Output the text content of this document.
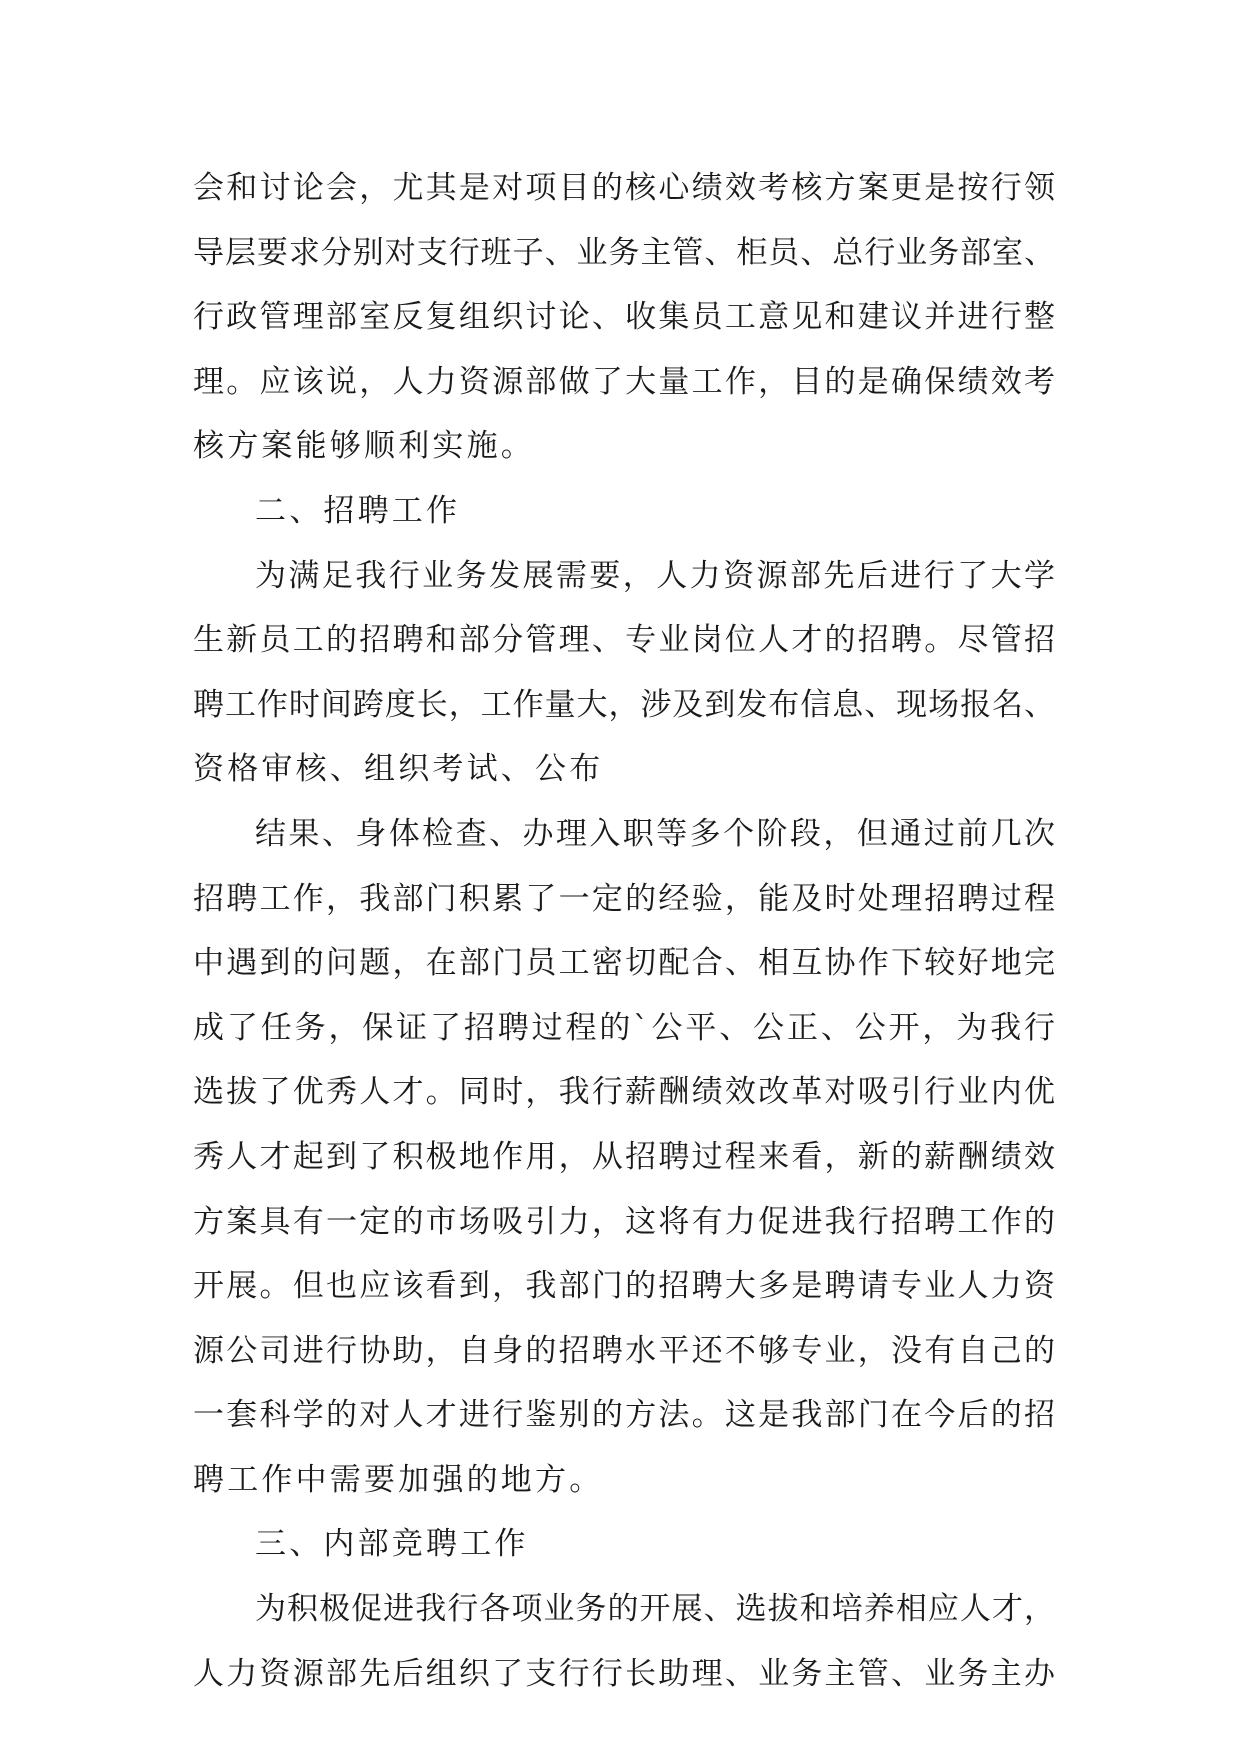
会和讨论会，尤其是对项目的核心绩效考核方案更是按行领
导层要求分别对支行班子、业务主管、柜员、总行业务部室、
行政管理部室反复组织讨论、收集员工意见和建议并进行整
理。应该说，人力资源部做了大量工作，目的是确保绩效考
核方案能够顺利实施。
二、招聘工作
为满足我行业务发展需要，人力资源部先后进行了大学
生新员工的招聘和部分管理、专业岗位人才的招聘。尽管招
聘工作时间跨度长，工作量大，涉及到发布信息、现场报名、
资格审核、组织考试、公布
结果、身体检查、办理入职等多个阶段，但通过前几次
招聘工作，我部门积累了一定的经验，能及时处理招聘过程
中遇到的问题，在部门员工密切配合、相互协作下较好地完
成了任务，保证了招聘过程的`公平、公正、公开，为我行
选拔了优秀人才。同时，我行薪酬绩效改革对吸引行业内优
秀人才起到了积极地作用，从招聘过程来看，新的薪酬绩效
方案具有一定的市场吸引力，这将有力促进我行招聘工作的
开展。但也应该看到，我部门的招聘大多是聘请专业人力资
源公司进行协助，自身的招聘水平还不够专业，没有自己的
一套科学的对人才进行鉴别的方法。这是我部门在今后的招
聘工作中需要加强的地方。
三、内部竞聘工作
为积极促进我行各项业务的开展、选拔和培养相应人才，
人力资源部先后组织了支行行长助理、业务主管、业务主办
